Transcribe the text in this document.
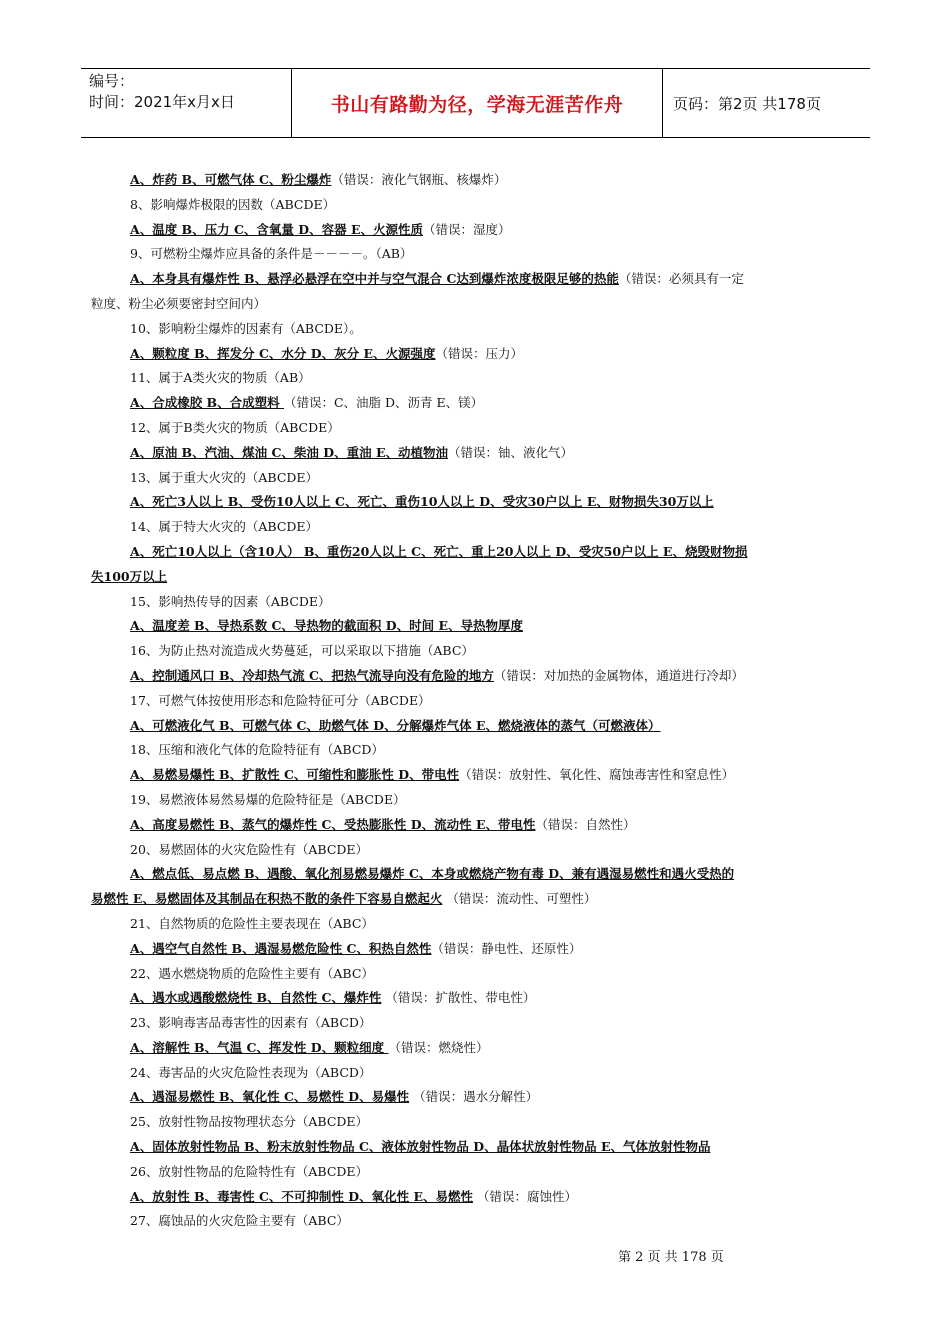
编号：
时间：2021年x月x日	书山有路勤为径，学海无涯苦作舟	页码：第2页 共178页
A、炸药 B、可燃气体 C、粉尘爆炸（错误：液化气钢瓶、核爆炸）
8、影响爆炸极限的因数（ABCDE）
A、温度 B、压力 C、含氧量 D、容器 E、火源性质（错误：湿度）
9、可燃粉尘爆炸应具备的条件是－－－－。（AB）
A、本身具有爆炸性 B、悬浮必悬浮在空中并与空气混合 C达到爆炸浓度极限足够的热能（错误：必须具有一定
粒度、粉尘必须要密封空间内）
10、影响粉尘爆炸的因素有（ABCDE）。
A、颗粒度 B、挥发分 C、水分 D、灰分 E、火源强度（错误：压力）
11、属于A类火灾的物质（AB）
A、合成橡胶 B、合成塑料 （错误：C、油脂 D、沥青 E、镁）
12、属于B类火灾的物质（ABCDE）
A、原油 B、汽油、煤油 C、柴油 D、重油 E、动植物油（错误：铀、液化气）
13、属于重大火灾的（ABCDE）
A、死亡3人以上 B、受伤10人以上 C、死亡、重伤10人以上 D、受灾30户以上 E、财物损失30万以上
14、属于特大火灾的（ABCDE）
A、死亡10人以上（含10人） B、重伤20人以上 C、死亡、重上20人以上 D、受灾50户以上 E、烧毁财物损
失100万以上
15、影响热传导的因素（ABCDE）
A、温度差 B、导热系数 C、导热物的截面积 D、时间 E、导热物厚度
16、为防止热对流造成火势蔓延，可以采取以下措施（ABC）
A、控制通风口 B、冷却热气流 C、把热气流导向没有危险的地方（错误：对加热的金属物体，通道进行冷却）
17、可燃气体按使用形态和危险特征可分（ABCDE）
A、可燃液化气 B、可燃气体 C、助燃气体 D、分解爆炸气体 E、燃烧液体的蒸气（可燃液体）
18、压缩和液化气体的危险特征有（ABCD）
A、易燃易爆性 B、扩散性 C、可缩性和膨胀性 D、带电性（错误：放射性、氧化性、腐蚀毒害性和窒息性）
19、易燃液体易然易爆的危险特征是（ABCDE）
A、高度易燃性 B、蒸气的爆炸性 C、受热膨胀性 D、流动性 E、带电性（错误：自然性）
20、易燃固体的火灾危险性有（ABCDE）
A、燃点低、易点燃 B、遇酸、氧化剂易燃易爆炸 C、本身或燃烧产物有毒 D、兼有遇湿易燃性和遇火受热的
易燃性 E、易燃固体及其制品在积热不散的条件下容易自燃起火 （错误：流动性、可塑性）
21、自然物质的危险性主要表现在（ABC）
A、遇空气自然性 B、遇湿易燃危险性 C、积热自然性（错误：静电性、还原性）
22、遇水燃烧物质的危险性主要有（ABC）
A、遇水或遇酸燃烧性 B、自然性 C、爆炸性 （错误：扩散性、带电性）
23、影响毒害品毒害性的因素有（ABCD）
A、溶解性 B、气温 C、挥发性 D、颗粒细度 （错误：燃烧性）
24、毒害品的火灾危险性表现为（ABCD）
A、遇湿易燃性 B、氧化性 C、易燃性 D、易爆性 （错误：遇水分解性）
25、放射性物品按物理状态分（ABCDE）
A、固体放射性物品 B、粉末放射性物品 C、液体放射性物品 D、晶体状放射性物品 E、气体放射性物品
26、放射性物品的危险特性有（ABCDE）
A、放射性 B、毒害性 C、不可抑制性 D、氧化性 E、易燃性 （错误：腐蚀性）
27、腐蚀品的火灾危险主要有（ABC）
第 2 页 共 178 页
